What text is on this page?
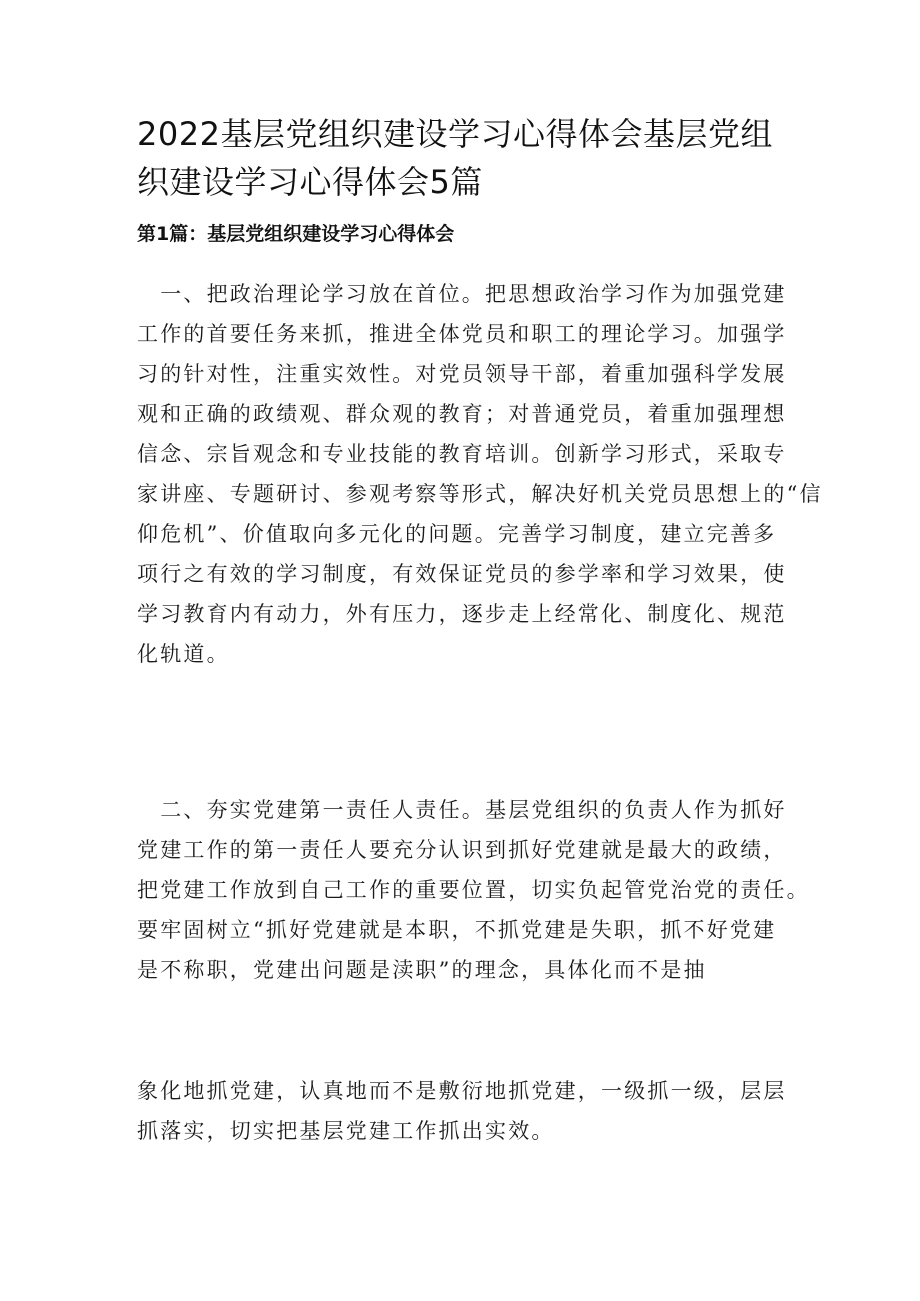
2022基层党组织建设学习心得体会基层党组
织建设学习心得体会5篇
第1篇：基层党组织建设学习心得体会

　一、把政治理论学习放在首位。把思想政治学习作为加强党建
工作的首要任务来抓，推进全体党员和职工的理论学习。加强学
习的针对性，注重实效性。对党员领导干部，着重加强科学发展
观和正确的政绩观、群众观的教育；对普通党员，着重加强理想
信念、宗旨观念和专业技能的教育培训。创新学习形式，采取专
家讲座、专题研讨、参观考察等形式，解决好机关党员思想上的“信
仰危机”、价值取向多元化的问题。完善学习制度，建立完善多
项行之有效的学习制度，有效保证党员的参学率和学习效果，使
学习教育内有动力，外有压力，逐步走上经常化、制度化、规范
化轨道。

　二、夯实党建第一责任人责任。基层党组织的负责人作为抓好
党建工作的第一责任人要充分认识到抓好党建就是最大的政绩，
把党建工作放到自己工作的重要位置，切实负起管党治党的责任。
要牢固树立“抓好党建就是本职，不抓党建是失职，抓不好党建
是不称职，党建出问题是渎职”的理念，具体化而不是抽

象化地抓党建，认真地而不是敷衍地抓党建，一级抓一级，层层
抓落实，切实把基层党建工作抓出实效。
